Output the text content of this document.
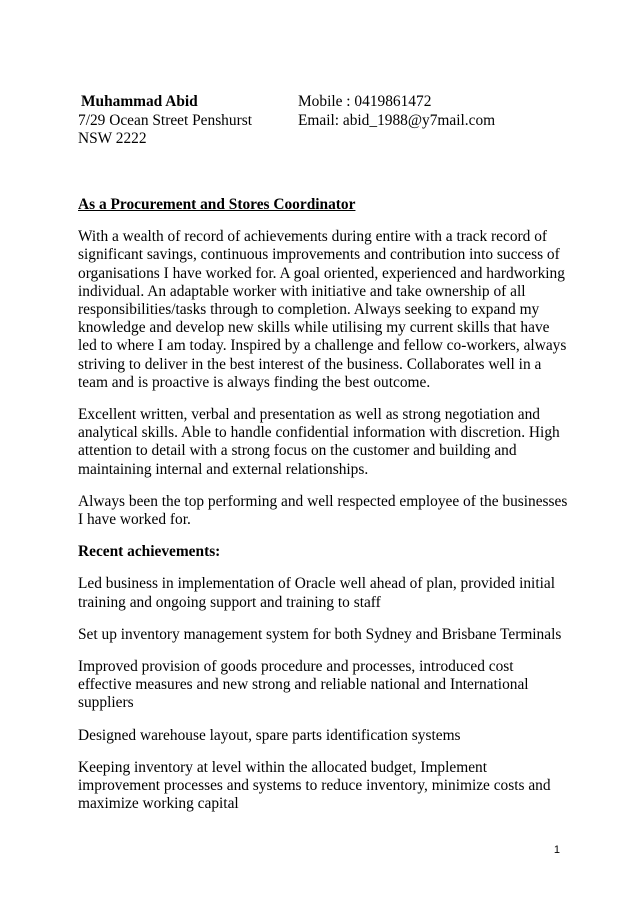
Muhammad Abid
7/29 Ocean Street Penshurst
NSW 2222
Mobile : 0419861472
Email: abid_1988@y7mail.com
As a Procurement and Stores Coordinator

With a wealth of record of achievements during entire with a track record of significant savings, continuous improvements and contribution into success of organisations I have worked for. A goal oriented, experienced and hardworking individual. An adaptable worker with initiative and take ownership of all responsibilities/tasks through to completion. Always seeking to expand my knowledge and develop new skills while utilising my current skills that have led to where I am today. Inspired by a challenge and fellow co-workers, always striving to deliver in the best interest of the business. Collaborates well in a team and is proactive is always finding the best outcome.

Excellent written, verbal and presentation as well as strong negotiation and analytical skills. Able to handle confidential information with discretion. High attention to detail with a strong focus on the customer and building and maintaining internal and external relationships.

Always been the top performing and well respected employee of the businesses I have worked for.

Recent achievements:

Led business in implementation of Oracle well ahead of plan, provided initial training and ongoing support and training to staff

Set up inventory management system for both Sydney and Brisbane Terminals

Improved provision of goods procedure and processes, introduced cost effective measures and new strong and reliable national and International suppliers

Designed warehouse layout, spare parts identification systems

Keeping inventory at level within the allocated budget, Implement improvement processes and systems to reduce inventory, minimize costs and maximize working capital

1
